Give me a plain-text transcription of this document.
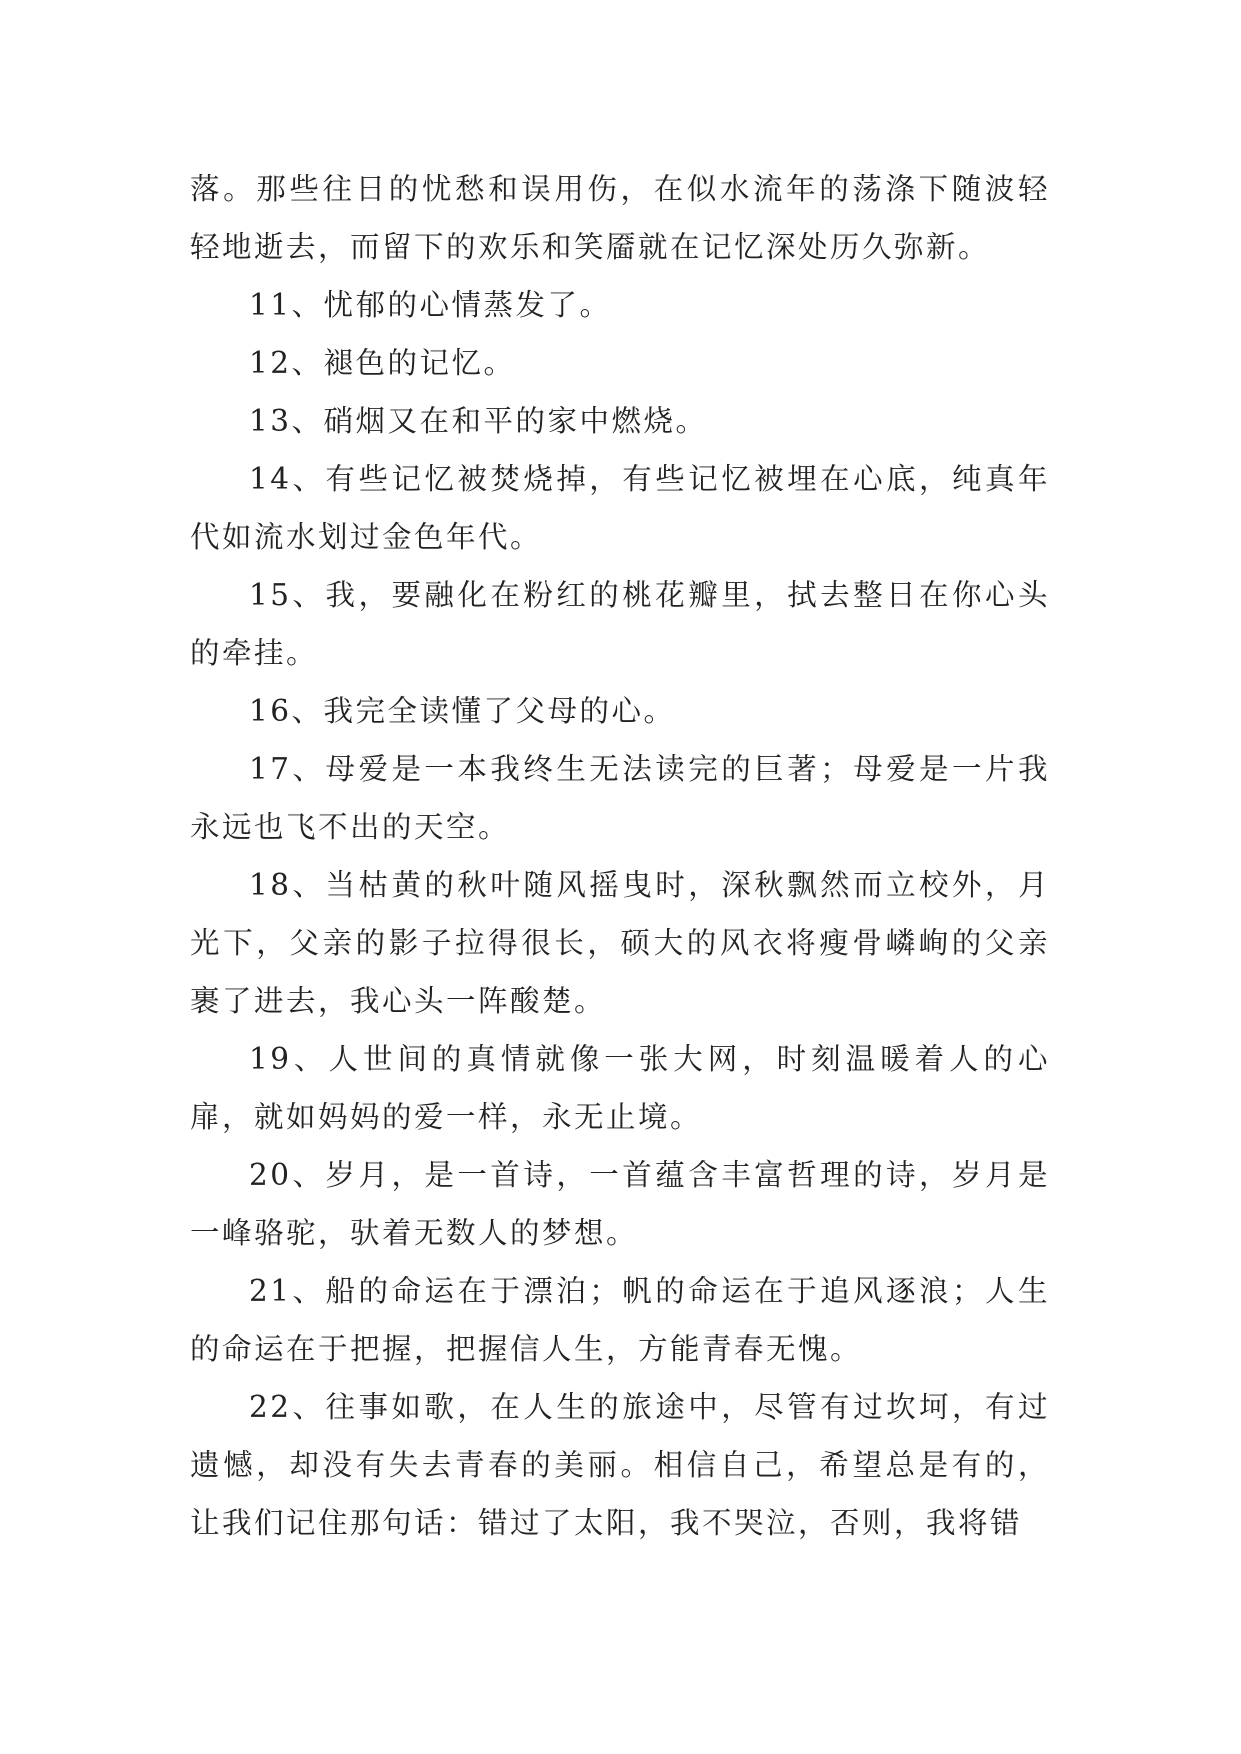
落。那些往日的忧愁和误用伤，在似水流年的荡涤下随波轻轻地逝去，而留下的欢乐和笑靥就在记忆深处历久弥新。

11、忧郁的心情蒸发了。

12、褪色的记忆。

13、硝烟又在和平的家中燃烧。

14、有些记忆被焚烧掉，有些记忆被埋在心底，纯真年代如流水划过金色年代。

15、我，要融化在粉红的桃花瓣里，拭去整日在你心头的牵挂。

16、我完全读懂了父母的心。

17、母爱是一本我终生无法读完的巨著；母爱是一片我永远也飞不出的天空。

18、当枯黄的秋叶随风摇曳时，深秋飘然而立校外，月光下，父亲的影子拉得很长，硕大的风衣将瘦骨嶙峋的父亲裹了进去，我心头一阵酸楚。

19、人世间的真情就像一张大网，时刻温暖着人的心扉，就如妈妈的爱一样，永无止境。

20、岁月，是一首诗，一首蕴含丰富哲理的诗，岁月是一峰骆驼，驮着无数人的梦想。

21、船的命运在于漂泊；帆的命运在于追风逐浪；人生的命运在于把握，把握信人生，方能青春无愧。

22、往事如歌，在人生的旅途中，尽管有过坎坷，有过遗憾，却没有失去青春的美丽。相信自己，希望总是有的，让我们记住那句话：错过了太阳，我不哭泣，否则，我将错
